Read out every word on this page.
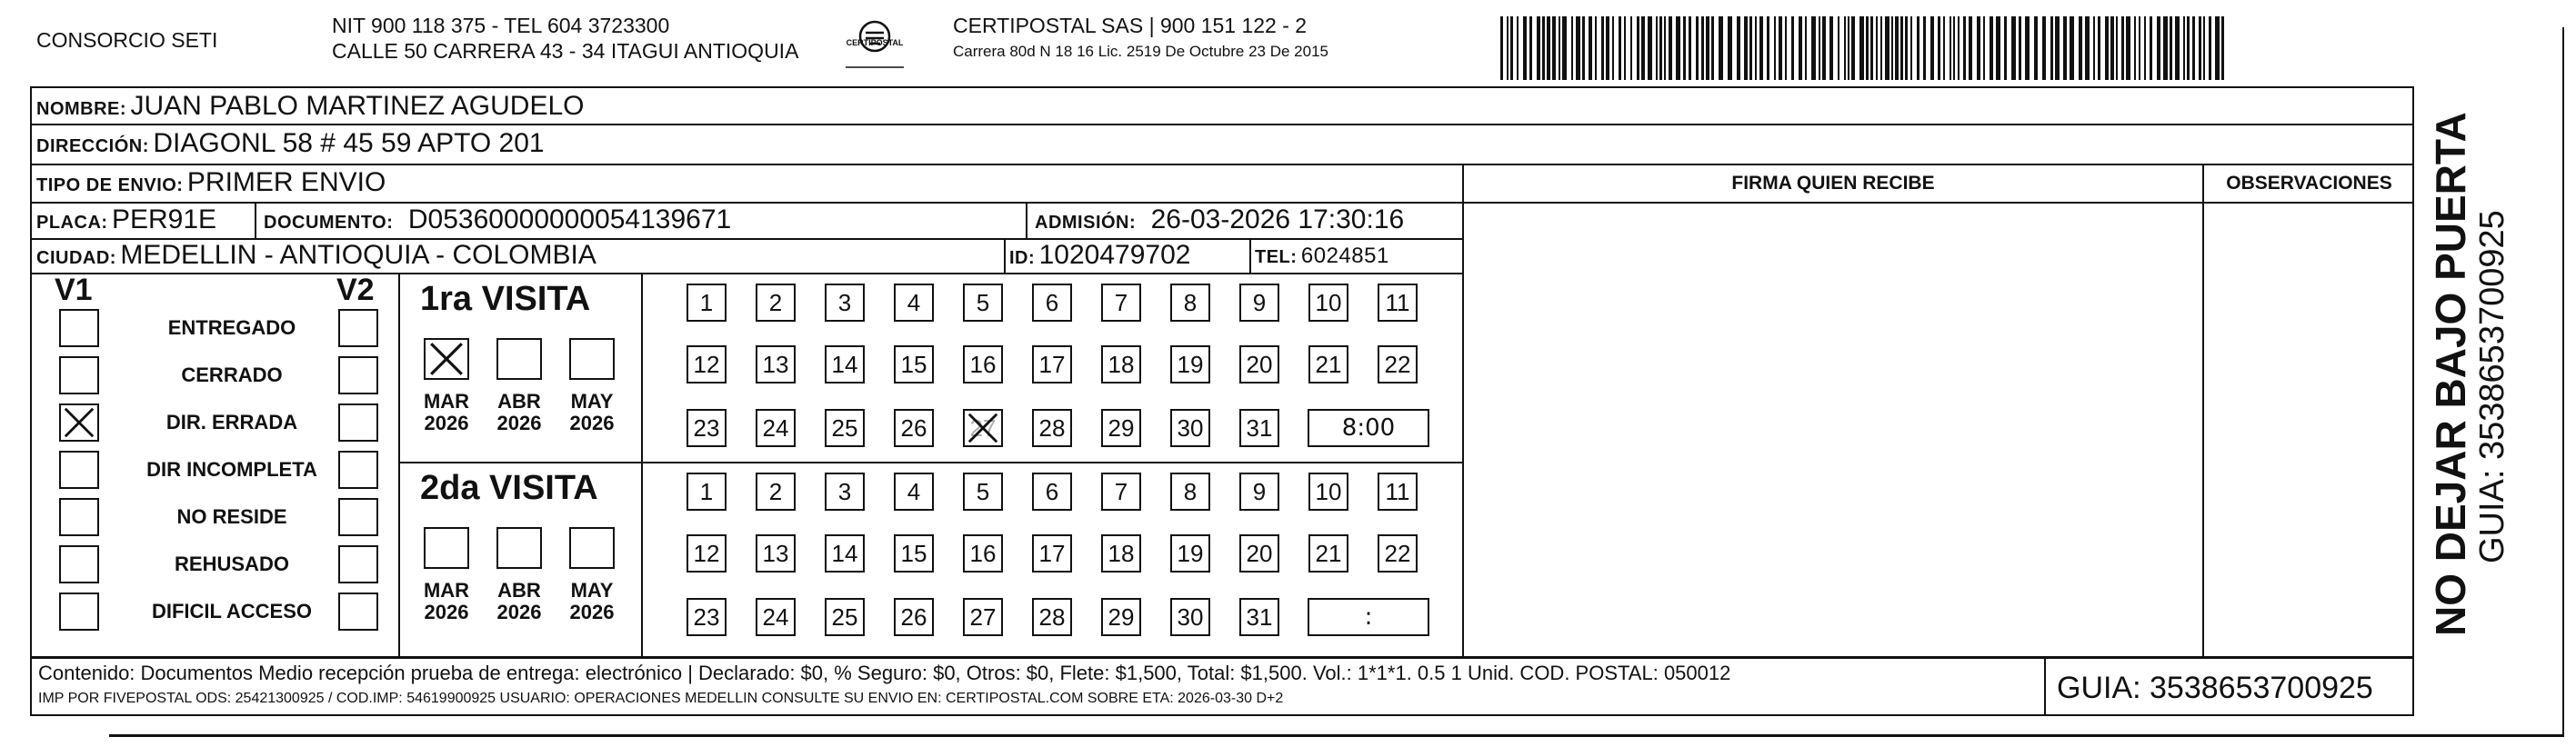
CONSORCIO SETI
NIT 900 118 375 - TEL 604 3723300
CALLE 50 CARRERA 43 - 34 ITAGUI ANTIOQUIA	CERTIPOSTAL
CERTIPOSTAL SAS | 900 151 122 - 2
Carrera 80d N 18 16 Lic. 2519 De Octubre 23 De 2015
NOMBRE: JUAN PABLO MARTINEZ AGUDELO
DIRECCIÓN: DIAGONL 58 # 45 59 APTO 201
TIPO DE ENVIO: PRIMER ENVIO	FIRMA QUIEN RECIBE	OBSERVACIONES
PLACA: PER91E	DOCUMENTO: D05360000000054139671	ADMISIÓN: 26-03-2026 17:30:16
CIUDAD: MEDELLIN - ANTIOQUIA - COLOMBIA	ID: 1020479702	TEL: 6024851
V1	V2
ENTREGADO
CERRADO
DIR. ERRADA
DIR INCOMPLETA
NO RESIDE
REHUSADO
DIFICIL ACCESO
1ra VISITA
MAR
2026
ABR
2026
MAY
2026
1	2	3	4	5	6	7	8	9	10	11
12 13 14 15 16 17 18 19 20 21 22
23 24 25 26 27 28 29 30 31	8:00
2da VISITA
MAR
2026
ABR
2026
MAY
2026
1	2	3	4	5	6	7	8	9	10	11
12 13 14 15 16 17 18 19 20 21 22
23 24 25 26 27 28 29 30 31	:
Contenido: Documentos Medio recepción prueba de entrega: electrónico | Declarado: $0, % Seguro: $0, Otros: $0, Flete: $1,500, Total: $1,500. Vol.: 1*1*1. 0.5 1 Unid. COD. POSTAL: 050012
IMP POR FIVEPOSTAL ODS: 25421300925 / COD.IMP: 54619900925 USUARIO: OPERACIONES MEDELLIN CONSULTE SU ENVIO EN: CERTIPOSTAL.COM SOBRE ETA: 2026-03-30 D+2	GUIA: 3538653700925
NO DEJAR BAJO PUERTA GUIA: 3538653700925
